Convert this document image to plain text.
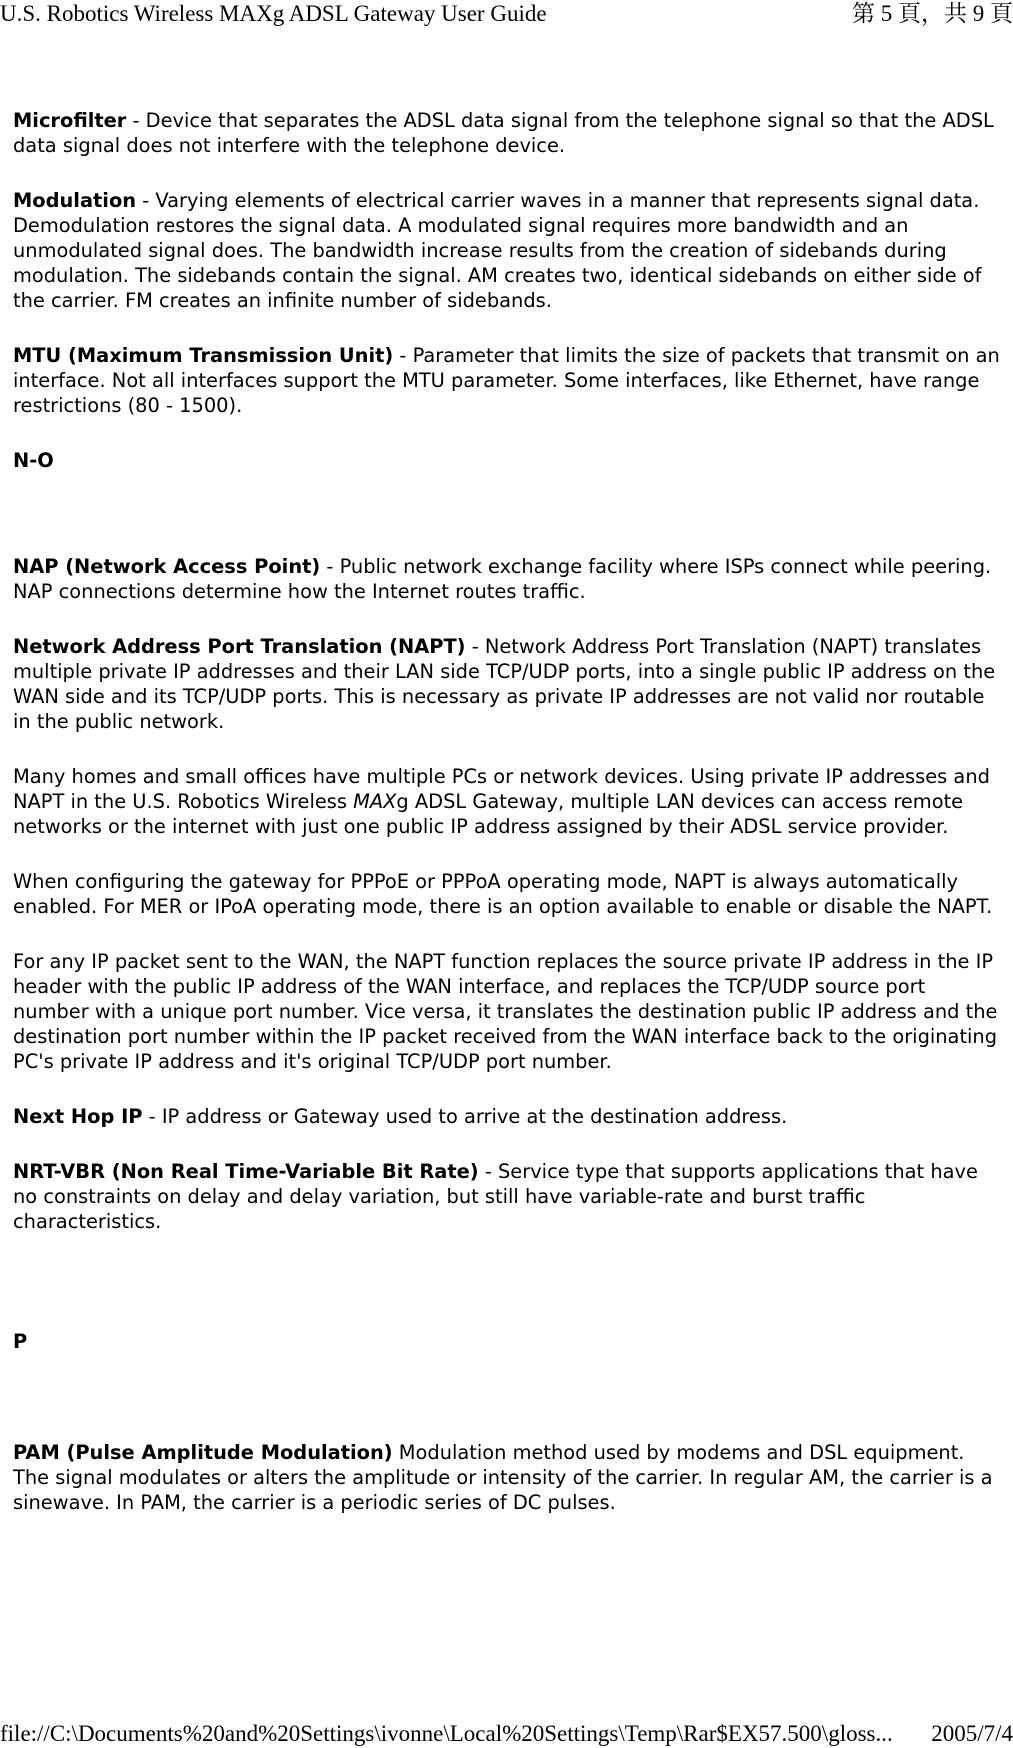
U.S. Robotics Wireless MAXg ADSL Gateway User Guide	第 5 頁，共 9 頁

Microfilter - Device that separates the ADSL data signal from the telephone signal so that the ADSL data signal does not interfere with the telephone device.

Modulation - Varying elements of electrical carrier waves in a manner that represents signal data. Demodulation restores the signal data. A modulated signal requires more bandwidth and an unmodulated signal does. The bandwidth increase results from the creation of sidebands during modulation. The sidebands contain the signal. AM creates two, identical sidebands on either side of the carrier. FM creates an infinite number of sidebands.

MTU (Maximum Transmission Unit) - Parameter that limits the size of packets that transmit on an interface. Not all interfaces support the MTU parameter. Some interfaces, like Ethernet, have range restrictions (80 - 1500).

N-O

NAP (Network Access Point) - Public network exchange facility where ISPs connect while peering. NAP connections determine how the Internet routes traffic.

Network Address Port Translation (NAPT) - Network Address Port Translation (NAPT) translates multiple private IP addresses and their LAN side TCP/UDP ports, into a single public IP address on the WAN side and its TCP/UDP ports. This is necessary as private IP addresses are not valid nor routable in the public network.

Many homes and small offices have multiple PCs or network devices. Using private IP addresses and NAPT in the U.S. Robotics Wireless MAXg ADSL Gateway, multiple LAN devices can access remote networks or the internet with just one public IP address assigned by their ADSL service provider.

When configuring the gateway for PPPoE or PPPoA operating mode, NAPT is always automatically enabled. For MER or IPoA operating mode, there is an option available to enable or disable the NAPT.

For any IP packet sent to the WAN, the NAPT function replaces the source private IP address in the IP header with the public IP address of the WAN interface, and replaces the TCP/UDP source port number with a unique port number. Vice versa, it translates the destination public IP address and the destination port number within the IP packet received from the WAN interface back to the originating PC's private IP address and it's original TCP/UDP port number.

Next Hop IP - IP address or Gateway used to arrive at the destination address.

NRT-VBR (Non Real Time-Variable Bit Rate) - Service type that supports applications that have no constraints on delay and delay variation, but still have variable-rate and burst traffic characteristics.

P

PAM (Pulse Amplitude Modulation) Modulation method used by modems and DSL equipment. The signal modulates or alters the amplitude or intensity of the carrier. In regular AM, the carrier is a sinewave. In PAM, the carrier is a periodic series of DC pulses.

file://C:\Documents%20and%20Settings\ivonne\Local%20Settings\Temp\Rar$EX57.500\gloss... 2005/7/4
